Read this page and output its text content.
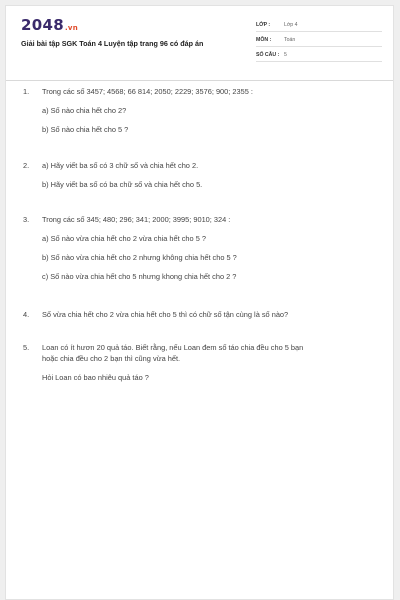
2048.vn
Giải bài tập SGK Toán 4 Luyện tập trang 96 có đáp án
LỚP :	Lớp 4
MÔN :	Toán
SỐ CÂU : 5
1.	Trong các số 3457; 4568; 66 814; 2050; 2229; 3576; 900; 2355 :
a) Số nào chia hết cho 2?
b) Số nào chia hết cho 5 ?
2.	a) Hãy viết ba số có 3 chữ số và chia hết cho 2.
b) Hãy viết ba số có ba chữ số và chia hết cho 5.
3.	Trong các số 345; 480; 296; 341; 2000; 3995; 9010; 324 :
a) Số nào vừa chia hết cho 2 vừa chia hết cho 5 ?
b) Số nào vừa chia hết cho 2 nhưng không chia hết cho 5 ?
c) Số nào vừa chia hết cho 5 nhưng khong chia hết cho 2 ?
4.	Số vừa chia hết cho 2 vừa chia hết cho 5 thì có chữ số tận cùng là số nào?
5.	Loan có ít hươn 20 quả táo. Biết rằng, nếu Loan đem số táo chia đều cho 5 bạn
hoặc chia đều cho 2 bạn thì cũng vừa hết.
Hỏi Loan có bao nhiêu quả táo ?
